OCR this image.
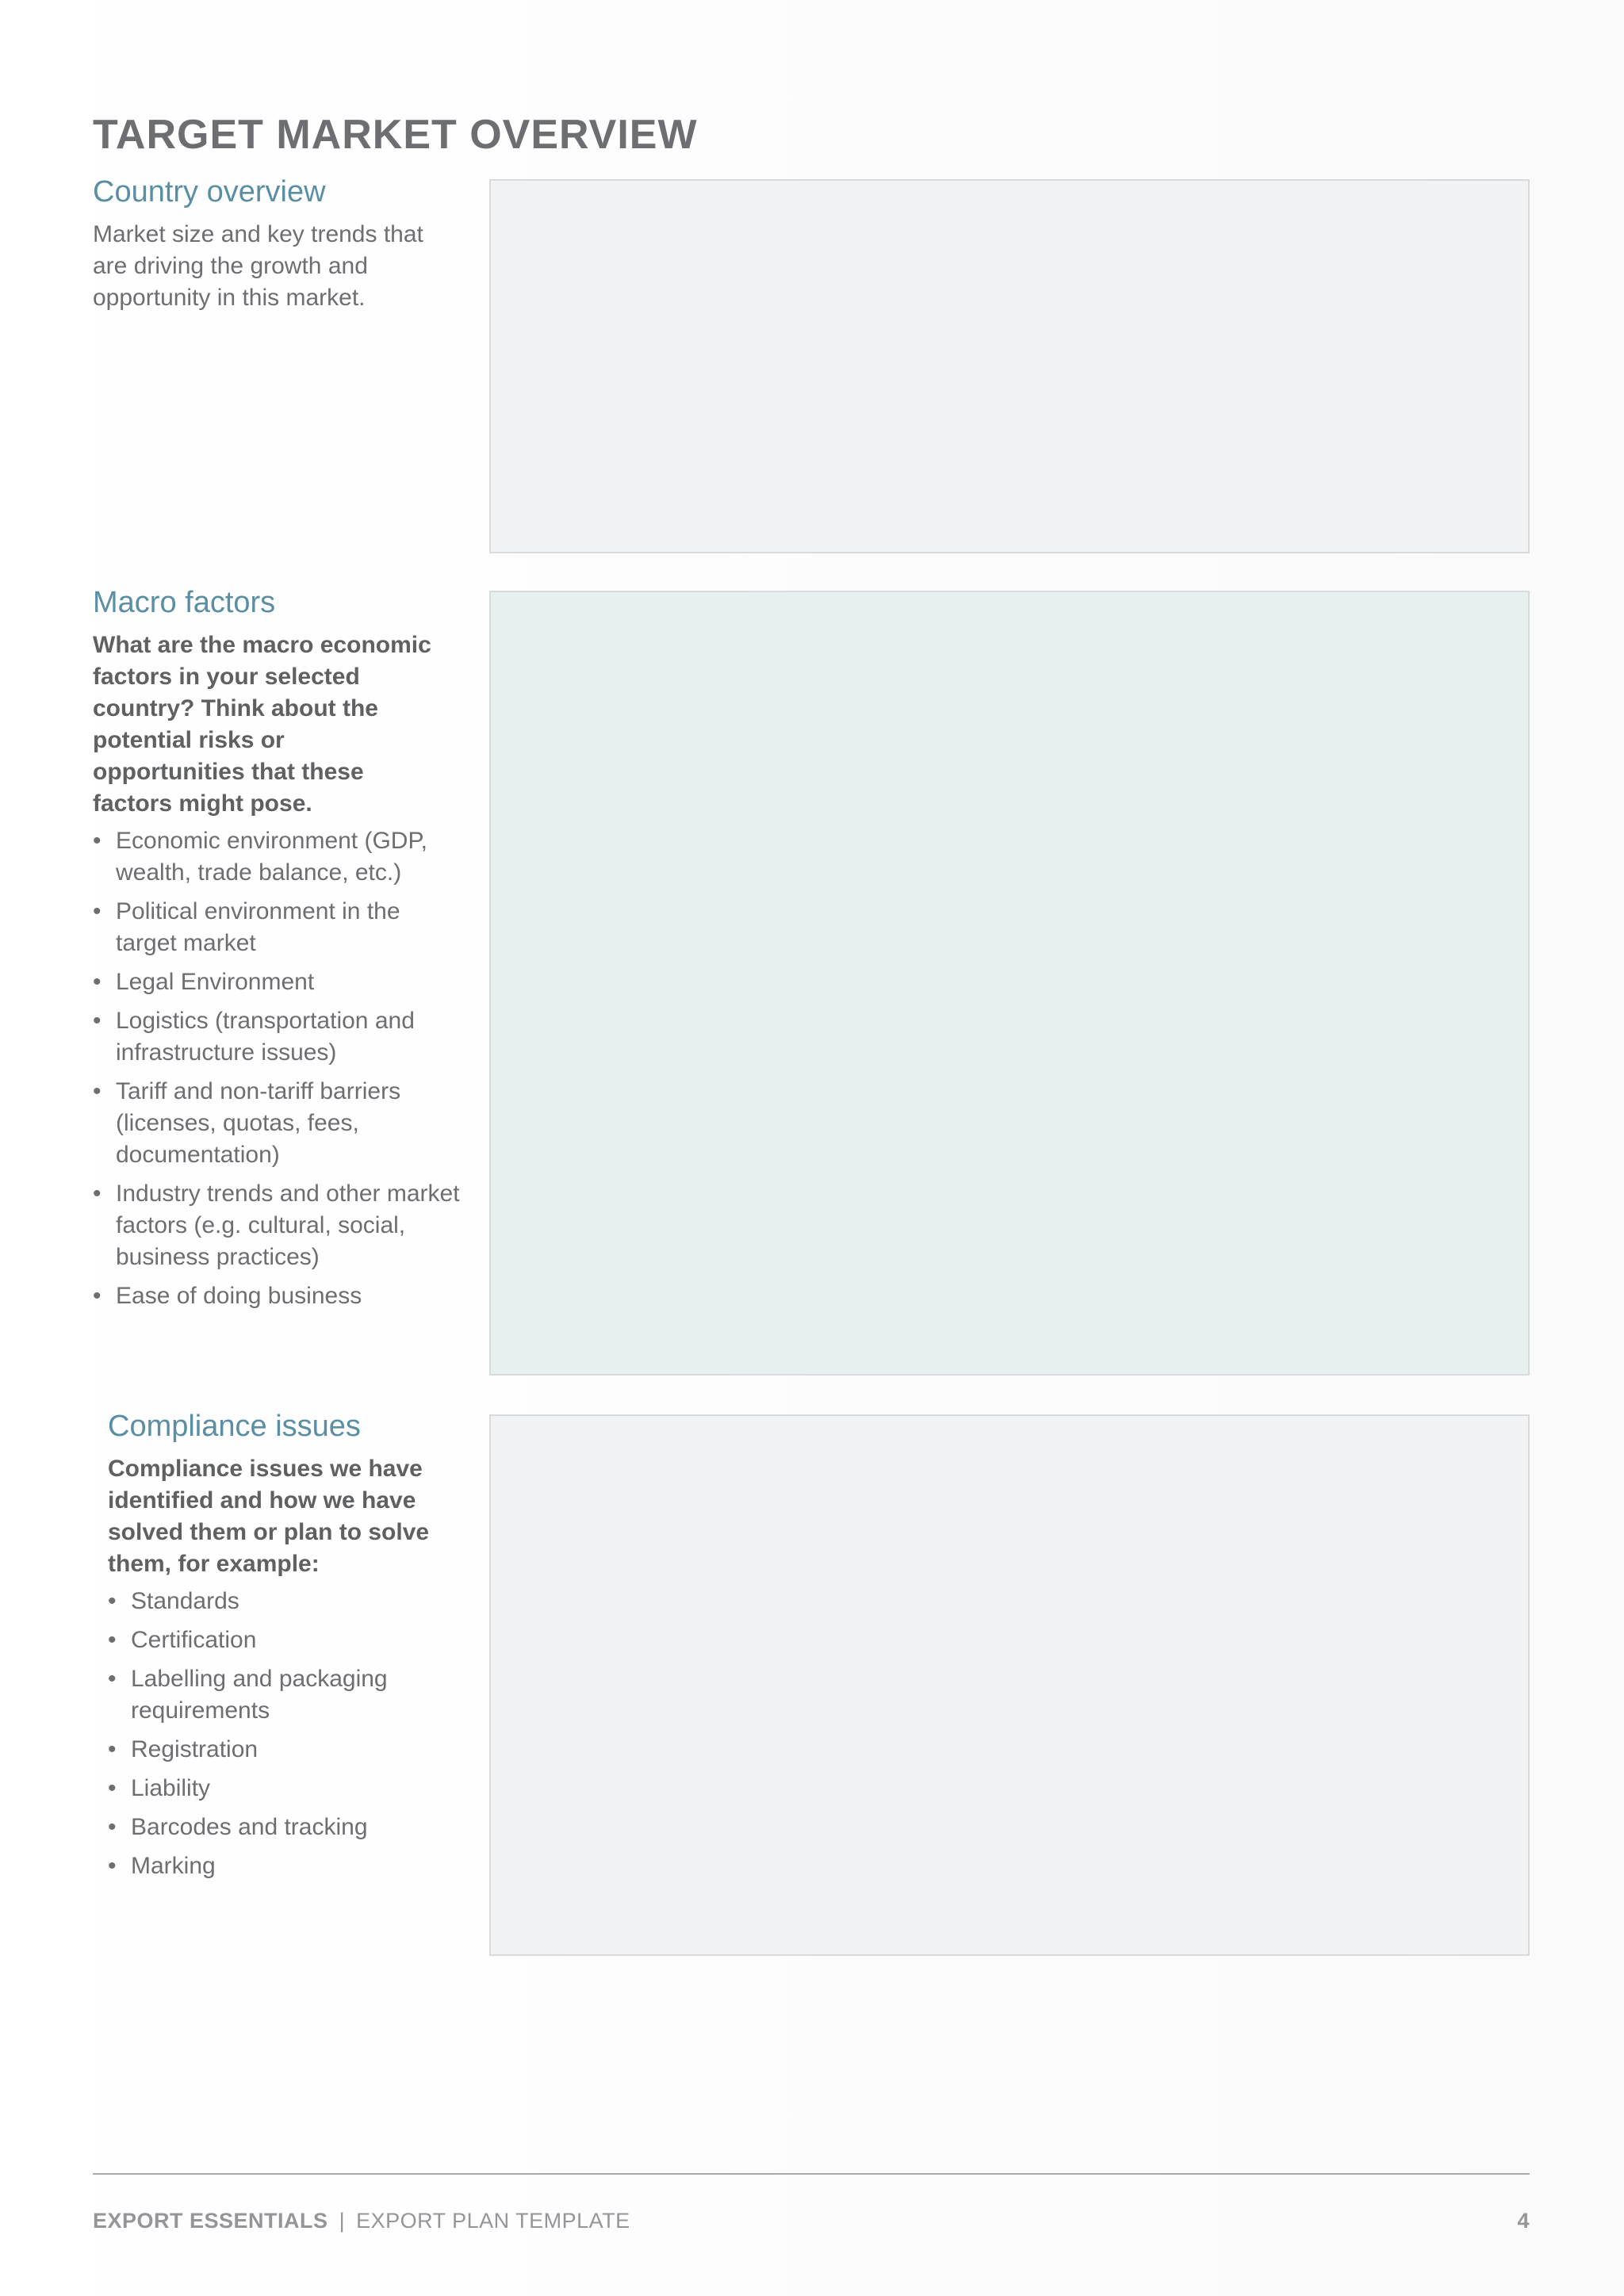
TARGET MARKET OVERVIEW
Country overview

Market size and key trends that are driving the growth and opportunity in this market.

Macro factors

What are the macro economic factors in your selected country? Think about the potential risks or opportunities that these factors might pose.

• Economic environment (GDP, wealth, trade balance, etc.)
• Political environment in the target market
• Legal Environment
• Logistics (transportation and infrastructure issues)
• Tariff and non-tariff barriers (licenses, quotas, fees, documentation)
• Industry trends and other market factors (e.g. cultural, social, business practices)
• Ease of doing business
Compliance issues

Compliance issues we have identified and how we have solved them or plan to solve them, for example:

• Standards
• Certification
• Labelling and packaging requirements
• Registration
• Liability
• Barcodes and tracking
• Marking
EXPORT ESSENTIALS | EXPORT PLAN TEMPLATE	4
